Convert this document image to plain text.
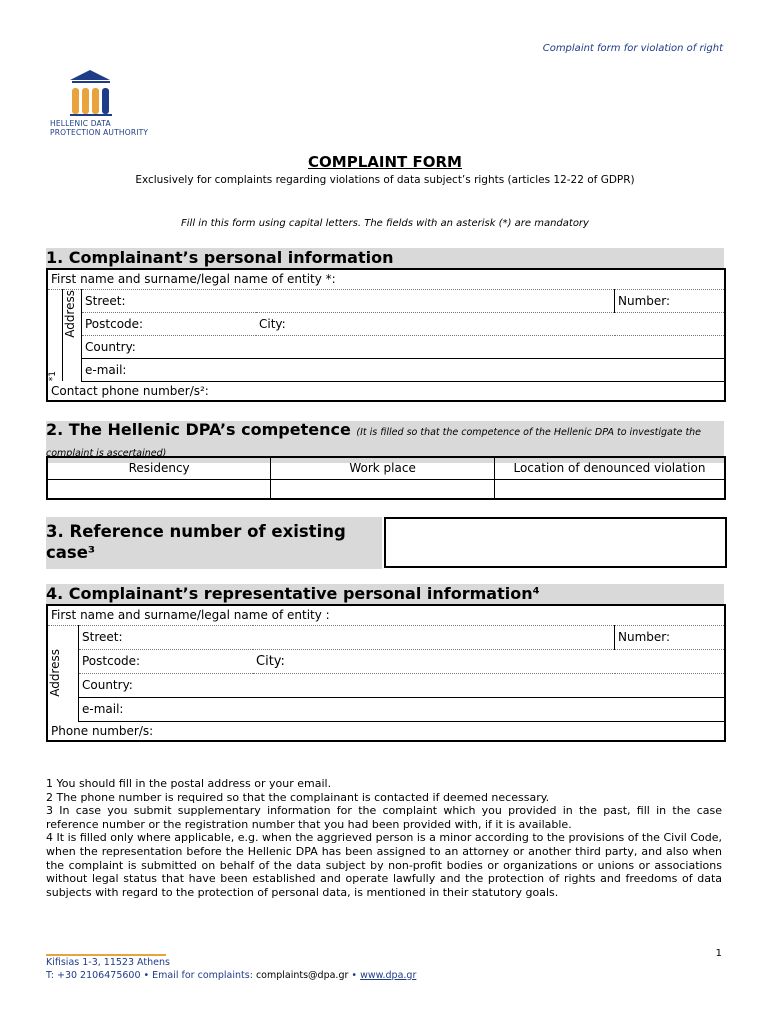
Complaint form for violation of right
HELLENIC DATA
PROTECTION AUTHORITY
COMPLAINT FORM
Exclusively for complaints regarding violations of data subject’s rights (articles 12-22 of GDPR)
Fill in this form using capital letters. The fields with an asterisk (*) are mandatory
1. Complainant’s personal information
First name and surname/legal name of entity *:				

*1	Address	Street:		Number:
		Postcode:	City:	
		Country:		
		e-mail:		
Contact phone number/s²:				
2. The Hellenic DPA’s competence (It is filled so that the competence of the Hellenic DPA to investigate the complaint is ascertained)
Residency	Work place	Location of denounced violation

3. Reference number of existing case³
4. Complainant’s representative personal information⁴
First name and surname/legal name of entity :			

Address	Street:		Number:
	Postcode:	City:	
	Country:		
	e-mail:		
Phone number/s:			

1 You should fill in the postal address or your email.

2 The phone number is required so that the complainant is contacted if deemed necessary.

3 In case you submit supplementary information for the complaint which you provided in the past, fill in the case reference number or the registration number that you had been provided with, if it is available.

4 It is filled only where applicable, e.g. when the aggrieved person is a minor according to the provisions of the Civil Code, when the representation before the Hellenic DPA has been assigned to an attorney or another third party, and also when the complaint is submitted on behalf of the data subject by non-profit bodies or organizations or unions or associations without legal status that have been established and operate lawfully and the protection of rights and freedoms of data subjects with regard to the protection of personal data, is mentioned in their statutory goals.

1
Kifisias 1-3, 11523 Athens
T: +30 2106475600 • Email for complaints: complaints@dpa.gr • www.dpa.gr
